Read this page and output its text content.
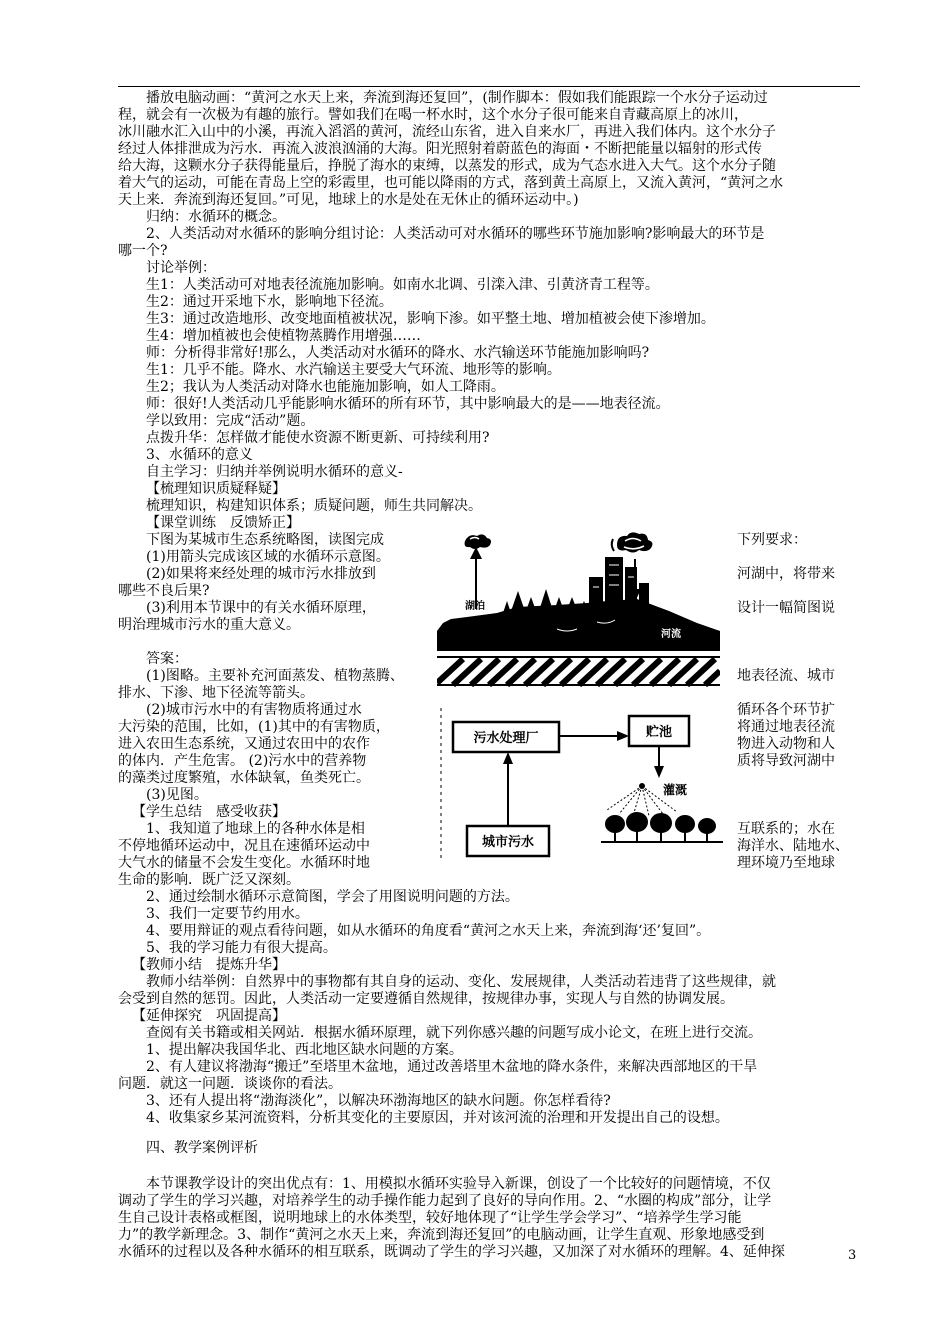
播放电脑动画：“黄河之水天上来，奔流到海还复回”，(制作脚本：假如我们能跟踪一个水分子运动过
程，就会有一次极为有趣的旅行。譬如我们在喝一杯水时，这个水分子很可能来自青藏高原上的冰川，
冰川融水汇入山中的小溪，再流入滔滔的黄河，流经山东省，进入自来水厂，再进入我们体内。这个水分子
经过人体排泄成为污水．再流入波浪汹涌的大海。阳光照射着蔚蓝色的海面・不断把能量以辐射的形式传
给大海，这颗水分子获得能量后，挣脱了海水的束缚，以蒸发的形式，成为气态水进入大气。这个水分子随
着大气的运动，可能在青岛上空的彩霞里，也可能以降雨的方式，落到黄土高原上，又流入黄河，“黄河之水
天上来．奔流到海还复回。”可见，地球上的水是处在无休止的循环运动中。)
归纳：水循环的概念。
2、人类活动对水循环的影响分组讨论：人类活动可对水循环的哪些环节施加影响?影响最大的环节是
哪一个?
讨论举例：
生1：人类活动可对地表径流施加影响。如南水北调、引滦入津、引黄济青工程等。
生2：通过开采地下水，影响地下径流。
生3：通过改造地形、改变地面植被状况，影响下渗。如平整土地、增加植被会使下渗增加。
生4：增加植被也会使植物蒸腾作用增强……
师：分析得非常好!那么，人类活动对水循环的降水、水汽输送环节能施加影响吗?
生1：几乎不能。降水、水汽输送主要受大气环流、地形等的影响。
生2；我认为人类活动对降水也能施加影响，如人工降雨。
师：很好!人类活动几乎能影响水循环的所有环节，其中影响最大的是——地表径流。
学以致用：完成“活动”题。
点拨升华：怎样做才能使水资源不断更新、可持续利用?
3、水循环的意义
自主学习：归纳并举例说明水循环的意义-
【梳理知识质疑释疑】
梳理知识，构建知识体系；质疑问题，师生共同解决。
【课堂训练　反馈矫正】
下图为某城市生态系统略图，读图完成
(1)用箭头完成该区域的水循环示意图。
(2)如果将来经处理的城市污水排放到
哪些不良后果?
(3)利用本节课中的有关水循环原理，
明治理城市污水的重大意义。
答案：
(1)图略。主要补充河面蒸发、植物蒸腾、
排水、下渗、地下径流等箭头。
(2)城市污水中的有害物质将通过水
大污染的范围，比如，(1)其中的有害物质，
进入农田生态系统，又通过农田中的农作
的体内．产生危害。 (2)污水中的营养物
的藻类过度繁殖，水体缺氧，鱼类死亡。
(3)见图。
【学生总结　感受收获】
1、我知道了地球上的各种水体是相
不停地循环运动中，况且在速循环运动中
大气水的储量不会发生变化。水循环时地
生命的影响．既广泛又深刻。
下列要求：
河湖中，将带来
设计一幅简图说
地表径流、城市
循环各个环节扩
将通过地表径流
物进入动物和人
质将导致河湖中
互联系的；水在
海洋水、陆地水、
理环境乃至地球
湖泊
河流
污水处理厂	贮池
灌溉
城市污水
2、通过绘制水循环示意简图，学会了用图说明问题的方法。
3、我们一定要节约用水。
4、要用辩证的观点看待问题，如从水循环的角度看“黄河之水天上来，奔流到海‘还’复回”。
5、我的学习能力有很大提高。
【教师小结　提炼升华】
教师小结举例：自然界中的事物都有其自身的运动、变化、发展规律，人类活动若违背了这些规律，就
会受到自然的惩罚。因此，人类活动一定要遵循自然规律，按规律办事，实现人与自然的协调发展。
【延伸探究　巩固提高】
查阅有关书籍或相关网站．根据水循环原理，就下列你感兴趣的问题写成小论文，在班上进行交流。
1、提出解决我国华北、西北地区缺水问题的方案。
2、有人建议将渤海“搬迁”至塔里木盆地，通过改善塔里木盆地的降水条件，来解决西部地区的干旱
问题．就这一问题．谈谈你的看法。
3、还有人提出将“渤海淡化”，以解决环渤海地区的缺水问题。你怎样看待?
4、收集家乡某河流资料，分析其变化的主要原因，并对该河流的治理和开发提出自己的设想。
四、教学案例评析
本节课教学设计的突出优点有：1、用模拟水循环实验导入新课，创设了一个比较好的问题情境，不仅
调动了学生的学习兴趣，对培养学生的动手操作能力起到了良好的导向作用。2、“水圈的构成”部分，让学
生自己设计表格或框图，说明地球上的水体类型，较好地体现了“让学生学会学习”、“培养学生学习能
力”的教学新理念。3、制作“黄河之水天上来，奔流到海还复回”的电脑动画，让学生直观、形象地感受到
水循环的过程以及各种水循环的相互联系，既调动了学生的学习兴趣，又加深了对水循环的理解。4、延伸探	3
